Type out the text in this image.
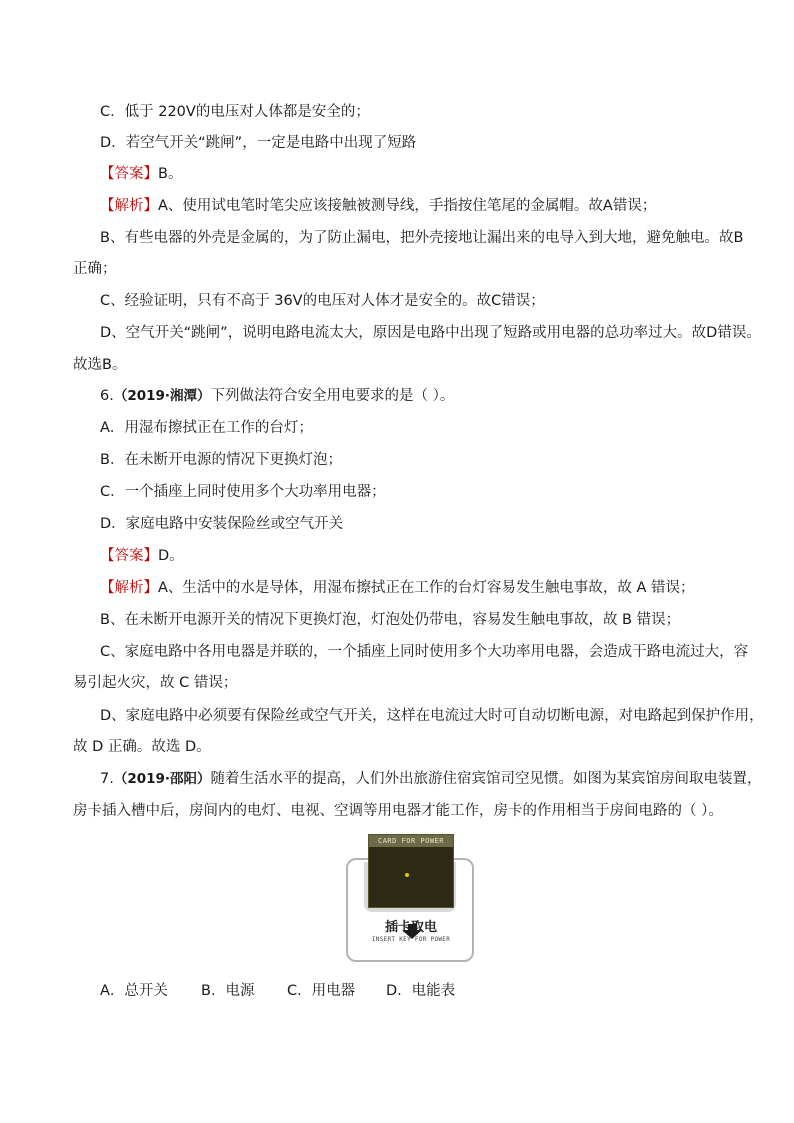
C．低于 220V的电压对人体都是安全的；
D．若空气开关“跳闸”，一定是电路中出现了短路
【答案】B。
【解析】A、使用试电笔时笔尖应该接触被测导线，手指按住笔尾的金属帽。故A错误；
B、有些电器的外壳是金属的，为了防止漏电，把外壳接地让漏出来的电导入到大地，避免触电。故B
正确；
C、经验证明，只有不高于 36V的电压对人体才是安全的。故C错误；
D、空气开关“跳闸”，说明电路电流太大，原因是电路中出现了短路或用电器的总功率过大。故D错误。
故选B。
6.（2019·湘潭）下列做法符合安全用电要求的是（ ）。
A．用湿布擦拭正在工作的台灯；
B．在未断开电源的情况下更换灯泡；
C．一个插座上同时使用多个大功率用电器；
D．家庭电路中安装保险丝或空气开关
【答案】D。
【解析】A、生活中的水是导体，用湿布擦拭正在工作的台灯容易发生触电事故，故 A 错误；
B、在未断开电源开关的情况下更换灯泡，灯泡处仍带电，容易发生触电事故，故 B 错误；
C、家庭电路中各用电器是并联的，一个插座上同时使用多个大功率用电器，会造成干路电流过大，容
易引起火灾，故 C 错误；
D、家庭电路中必须要有保险丝或空气开关，这样在电流过大时可自动切断电源，对电路起到保护作用，
故 D 正确。故选 D。
7.（2019·邵阳）随着生活水平的提高，人们外出旅游住宿宾馆司空见惯。如图为某宾馆房间取电装置，
房卡插入槽中后，房间内的电灯、电视、空调等用电器才能工作，房卡的作用相当于房间电路的（ ）。
插卡取电
INSERT KEY FOR POWER
CARD FOR POWER
A．总开关 B．电源 C．用电器 D．电能表
